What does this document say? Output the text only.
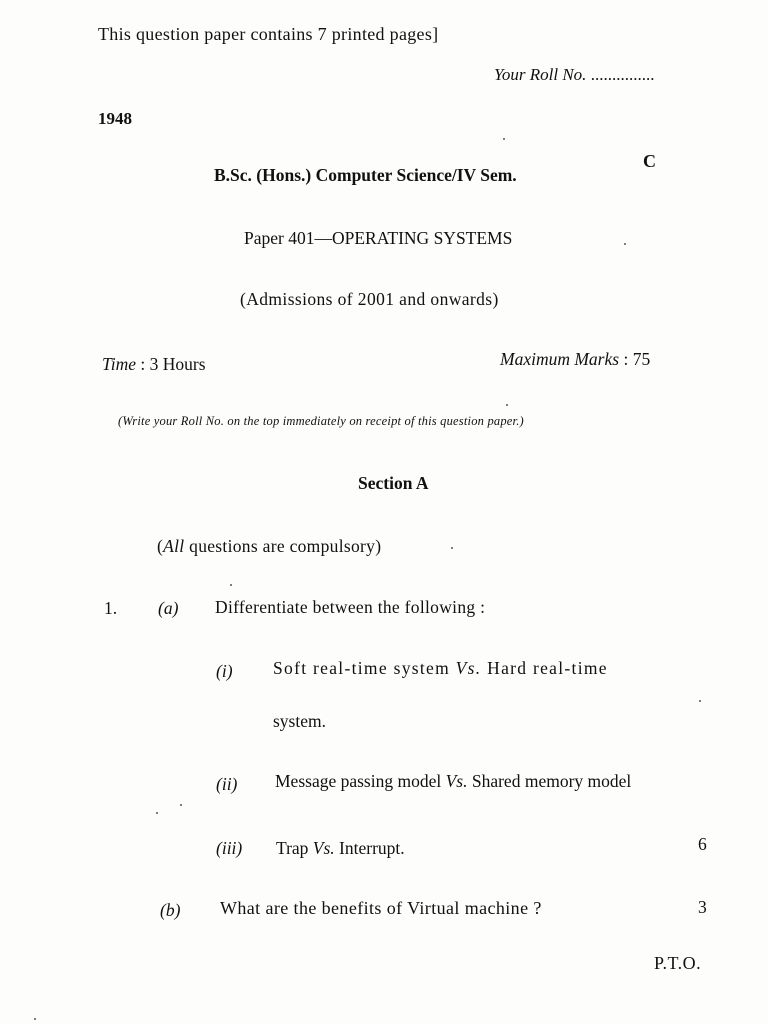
This question paper contains 7 printed pages]
Your Roll No. ...............
1948
C
B.Sc. (Hons.) Computer Science/IV Sem.
Paper 401—OPERATING SYSTEMS
(Admissions of 2001 and onwards)
Time : 3 Hours	Maximum Marks : 75
(Write your Roll No. on the top immediately on receipt of this question paper.)
Section A
(All questions are compulsory)
1. (a) Differentiate between the following :
(i) Soft real-time system Vs. Hard real-time
system.
(ii) Message passing model Vs. Shared memory model
(iii) Trap Vs. Interrupt.	6
(b) What are the benefits of Virtual machine ?	3
P.T.O.
